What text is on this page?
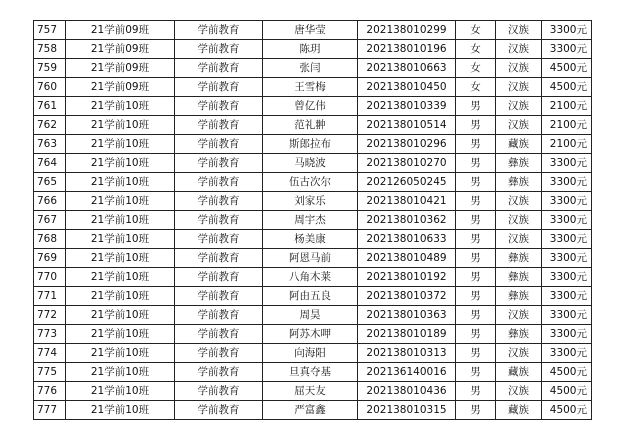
757	21学前09班	学前教育	唐华莹	202138010299	女	汉族	3300元
758	21学前09班	学前教育	陈玥	202138010196	女	汉族	3300元
759	21学前09班	学前教育	张闫	202138010663	女	汉族	4500元
760	21学前09班	学前教育	王雪梅	202138010450	女	汉族	4500元
761	21学前10班	学前教育	曾亿伟	202138010339	男	汉族	2100元
762	21学前10班	学前教育	范礼翀	202138010514	男	汉族	2100元
763	21学前10班	学前教育	斯郎拉布	202138010296	男	藏族	2100元
764	21学前10班	学前教育	马晓波	202138010270	男	彝族	3300元
765	21学前10班	学前教育	伍古次尔	202126050245	男	彝族	3300元
766	21学前10班	学前教育	刘家乐	202138010421	男	汉族	3300元
767	21学前10班	学前教育	周宇杰	202138010362	男	汉族	3300元
768	21学前10班	学前教育	杨美康	202138010633	男	汉族	3300元
769	21学前10班	学前教育	阿恩马前	202138010489	男	彝族	3300元
770	21学前10班	学前教育	八角木莱	202138010192	男	彝族	3300元
771	21学前10班	学前教育	阿由五良	202138010372	男	彝族	3300元
772	21学前10班	学前教育	周昊	202138010363	男	汉族	3300元
773	21学前10班	学前教育	阿苏木呷	202138010189	男	彝族	3300元
774	21学前10班	学前教育	向海阳	202138010313	男	汉族	3300元
775	21学前10班	学前教育	旦真夺基	202136140016	男	藏族	4500元
776	21学前10班	学前教育	屈天友	202138010436	男	汉族	4500元
777	21学前10班	学前教育	严富鑫	202138010315	男	藏族	4500元
